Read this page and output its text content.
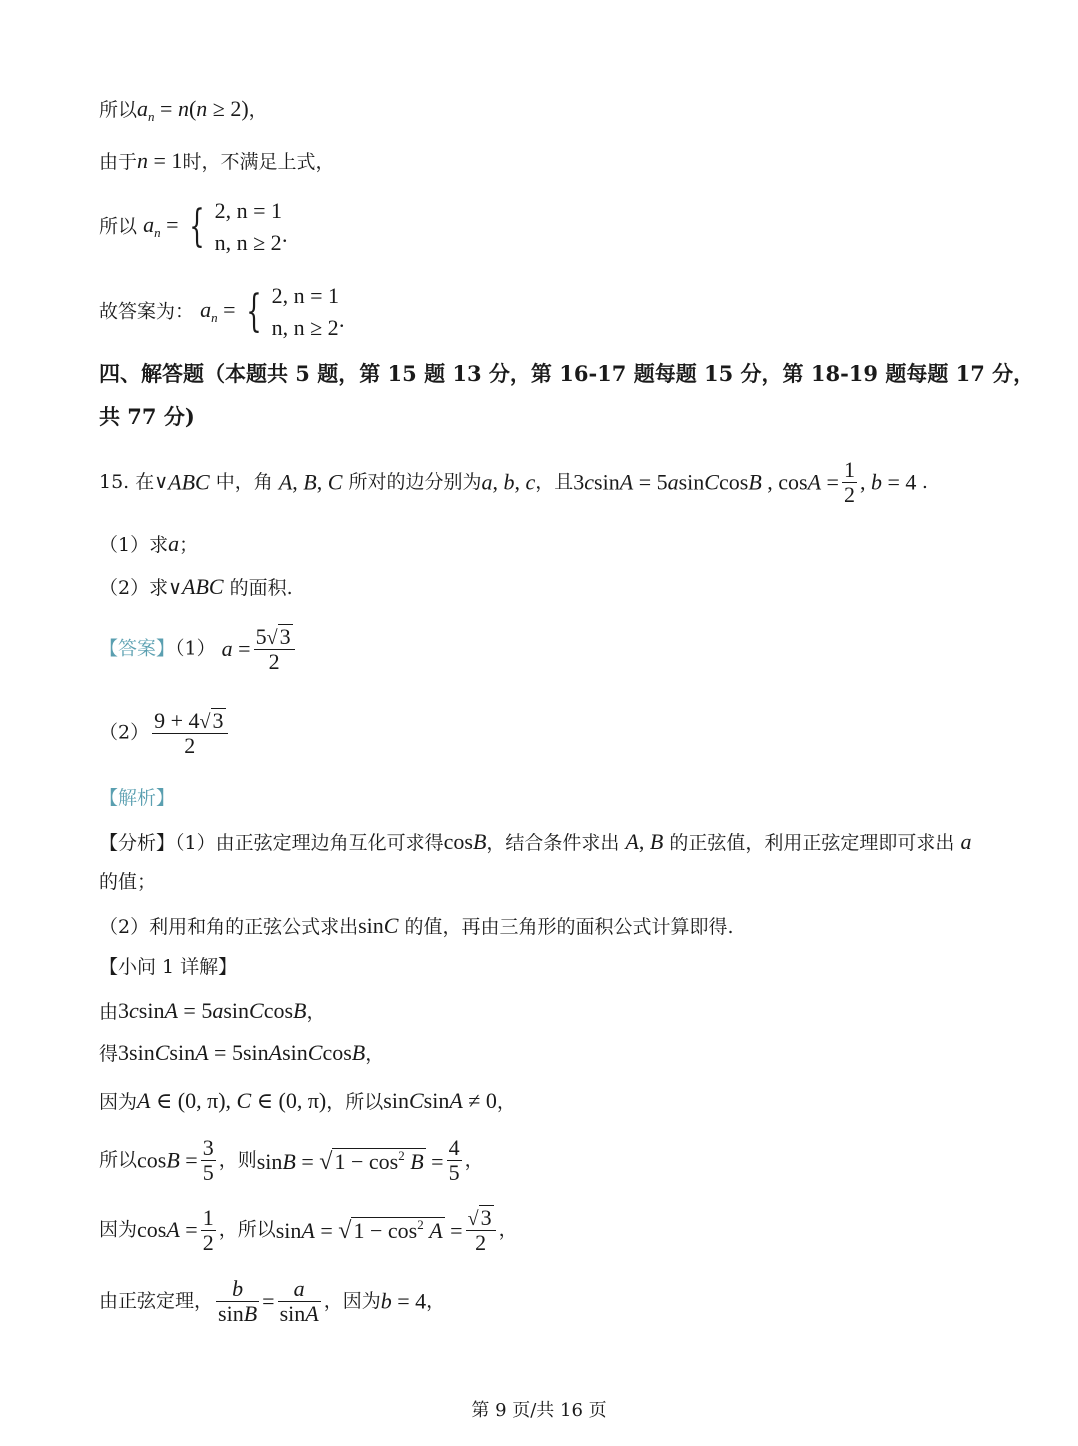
所以$a_n = n(n \ge 2)$，
由于n = 1时，不满足上式，
所以 $a_n$ = { 2, n = 1
n, n ≥ 2 .
故答案为： $a_n$ = { 2, n = 1
n, n ≥ 2 .
四、解答题（本题共 5 题，第 15 题 13 分，第 16-17 题每题 15 分，第 18-19 题每题 17 分，
共 77 分)
15. 在∨ABC 中，角 A, B, C 所对的边分别为a, b, c，且3csinA = 5asinCcosB , $\cos A = \frac{1}{2}$ , b = 4 .
（1）求a；
（2）求∨ABC 的面积.
【答案】（1） $a = \frac{5√3}{2}$
$(2) \frac{9 + 4√3}{2}$
【解析】
【分析】（1）由正弦定理边角互化可求得cosB，结合条件求出 A, B 的正弦值，利用正弦定理即可求出 a
的值；
（2）利用和角的正弦公式求出sinC 的值，再由三角形的面积公式计算即得.
【小问 1 详解】
由3csinA = 5asinCcosB，
得3sinCsinA = 5sinAsinCcosB，
因为A ∈ (0, π), C ∈ (0, π)，所以sinCsinA ≠ 0，
所以$\cos B = \frac{3}{5}$ ，则$\sin B = √1 - \cos^2 B = \frac{4}{5}$ ，
因为$\cos A = \frac{1}{2}$ ，所以$\sin A = √1 - \cos^2 A = \frac{√3}{2}$ ，
由正弦定理， $\frac{b}{\sin B} = \frac{a}{\sin A}$ ，因为b = 4，
第 9 页/共 16 页
